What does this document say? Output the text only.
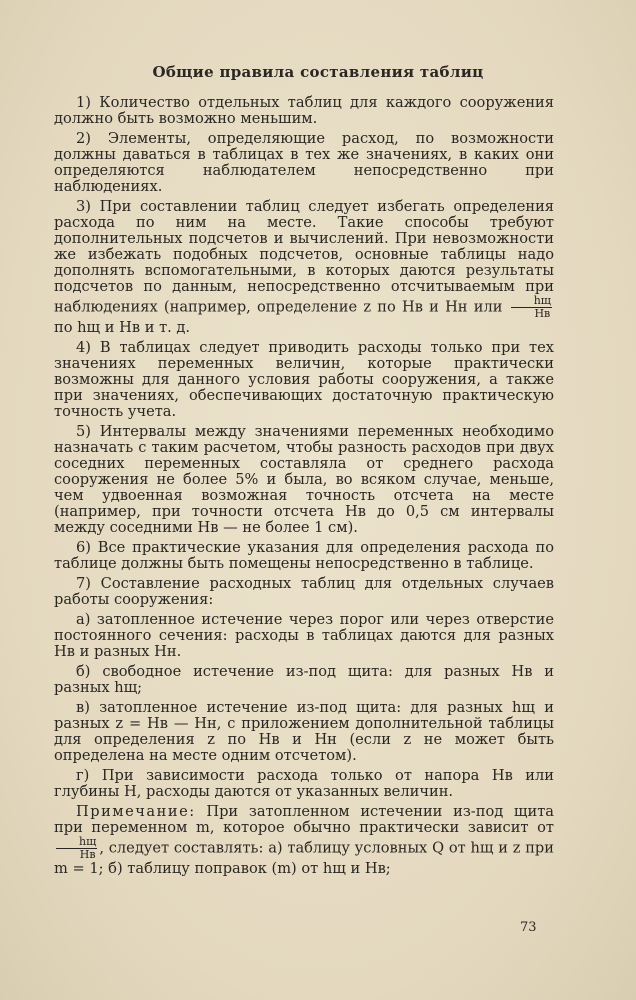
Общие правила составления таблиц

1) Количество отдельных таблиц для каждого сооружения должно быть возможно меньшим.

2) Элементы, определяющие расход, по возможности должны даваться в таблицах в тех же значениях, в каких они определяются наблюдателем непосредственно при наблюдениях.

3) При составлении таблиц следует избегать определения расхода по ним на месте. Такие способы требуют дополнительных подсчетов и вычислений. При невозможности же избежать подобных подсчетов, основные таблицы надо дополнять вспомогательными, в которых даются результаты подсчетов по данным, непосредственно отсчитываемым при наблюдениях (например, определение z по Hв и Hн или $\frac{hщ}{Hв}$
по hщ и Hв и т. д.

4) В таблицах следует приводить расходы только при тех значениях переменных величин, которые практически возможны для данного условия работы сооружения, а также при значениях, обеспечивающих достаточную практическую точность учета.

5) Интервалы между значениями переменных необходимо назначать с таким расчетом, чтобы разность расходов при двух соседних переменных составляла от среднего расхода сооружения не более 5% и была, во всяком случае, меньше, чем удвоенная возможная точность отсчета на месте (например, при точности отсчета Hв до 0,5 см интервалы между соседними Hв — не более 1 см).

6) Все практические указания для определения расхода по таблице должны быть помещены непосредственно в таблице.

7) Составление расходных таблиц для отдельных случаев работы сооружения:

а) затопленное истечение через порог или через отверстие постоянного сечения: расходы в таблицах даются для разных Hв и разных Hн.

б) свободное истечение из-под щита: для разных Hв и разных hщ;

в) затопленное истечение из-под щита: для разных hщ и разных z = Hв — Hн, с приложением дополнительной таблицы для определения z по Hв и Hн (если z не может быть определена на месте одним отсчетом).

г) При зависимости расхода только от напора Hв или глубины H, расходы даются от указанных величин.

Примечание: При затопленном истечении из-под щита при переменном m, которое обычно практически зависит от
$\frac{hщ}{Hв}$ , следует составлять: а) таблицу условных Q от hщ и z при m = 1; б) таблицу поправок (m) от hщ и Hв;

73
